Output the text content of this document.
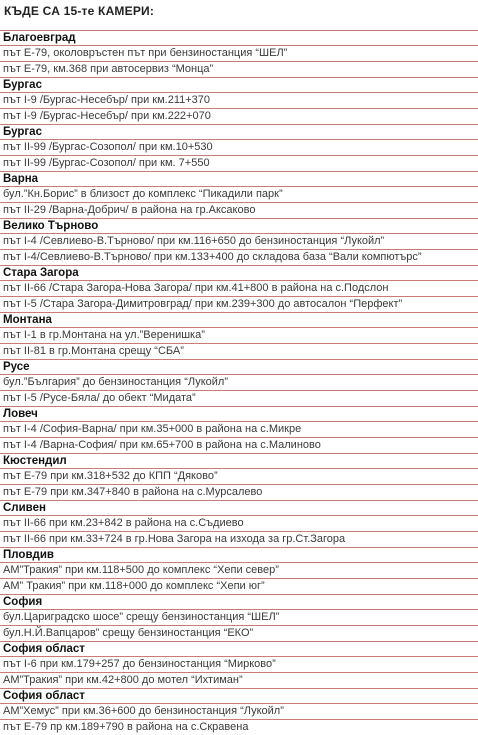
КЪДЕ СА 15-те КАМЕРИ:
Благоевград
път Е-79, околовръстен път при бензиностанция “ШЕЛ”
път Е-79, км.368 при автосервиз “Монца”
Бургас
път I-9 /Бургас-Несебър/ при км.211+370
път I-9 /Бургас-Несебър/ при км.222+070
Бургас
път II-99 /Бургас-Созопол/ при км.10+530
път II-99 /Бургас-Созопол/ при км. 7+550
Варна
бул.”Кн.Борис” в близост до комплекс “Пикадили парк”
път II-29 /Варна-Добрич/ в района на гр.Аксаково
Велико Търново
път I-4 /Севлиево-В.Търново/ при км.116+650 до бензиностанция “Лукойл”
път I-4/Севлиево-В.Търново/ при км.133+400 до складова база “Вали компютърс”
Стара Загора
път II-66 /Стара Загора-Нова Загора/ при км.41+800 в района на с.Подслон
път I-5 /Стара Загора-Димитровград/ при км.239+300 до автосалон “Перфект”
Монтана
път I-1 в гр.Монтана на ул.”Веренишка”
път II-81 в гр.Монтана срещу “СБА”
Русе
бул.”България” до бензиностанция “Лукойл”
път I-5 /Русе-Бяла/ до обект “Мидата”
Ловеч
път I-4 /София-Варна/ при км.35+000 в района на с.Микре
път I-4 /Варна-София/ при км.65+700 в района на с.Малиново
Кюстендил
път Е-79 при км.318+532 до КПП “Дяково”
път Е-79 при км.347+840 в района на с.Мурсалево
Сливен
път II-66 при км.23+842 в района на с.Съдиево
път II-66 при км.33+724 в гр.Нова Загора на изхода за гр.Ст.Загора
Пловдив
АМ”Тракия” при км.118+500 до комплекс “Хепи север”
АМ” Тракия” при км.118+000 до комплекс “Хепи юг”
София
бул.Цариградско шосе” срещу бензиностанция “ШЕЛ”
бул.Н.Й.Вапцаров” срещу бензиностанция “ЕКО”
София област
път I-6 при км.179+257 до бензиностанция “Мирково”
АМ”Тракия” при км.42+800 до мотел “Ихтиман”
София област
АМ”Хемус” при км.36+600 до бензиностанция “Лукойл”
път Е-79 пр км.189+790 в района на с.Скравена
